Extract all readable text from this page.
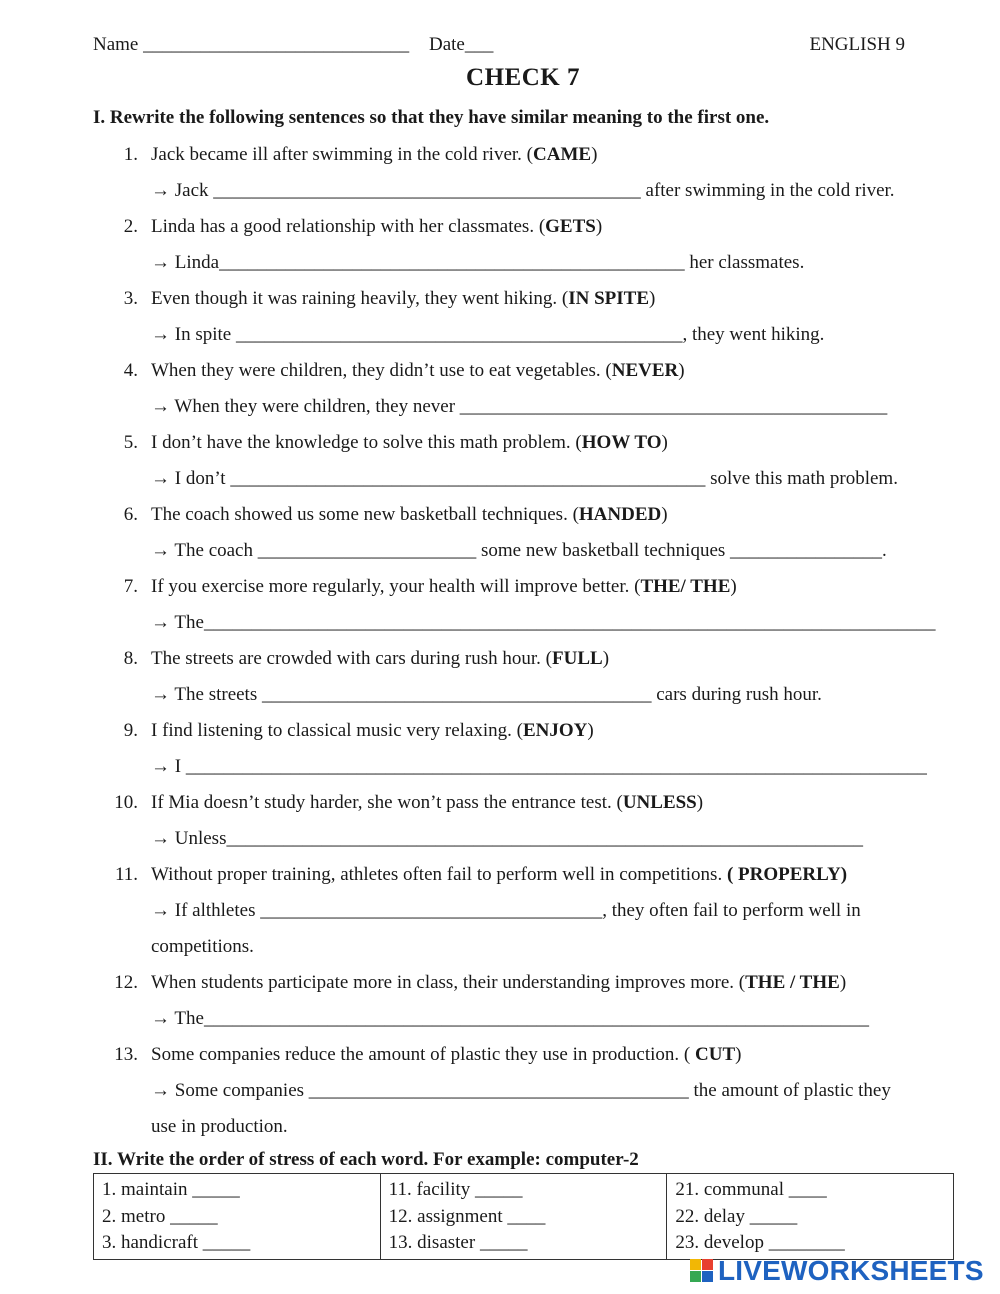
Name ____________________________ Date___	ENGLISH 9
CHECK 7
I. Rewrite the following sentences so that they have similar meaning to the first one.
1. Jack became ill after swimming in the cold river. (CAME)
→ Jack _____________________________________________ after swimming in the cold river.
2. Linda has a good relationship with her classmates. (GETS)
→ Linda_________________________________________________ her classmates.
3. Even though it was raining heavily, they went hiking. (IN SPITE)
→ In spite _______________________________________________, they went hiking.
4. When they were children, they didn’t use to eat vegetables. (NEVER)
→ When they were children, they never _____________________________________________
5. I don’t have the knowledge to solve this math problem. (HOW TO)
→ I don’t __________________________________________________ solve this math problem.
6. The coach showed us some new basketball techniques. (HANDED)
→ The coach _______________________ some new basketball techniques ________________.
7. If you exercise more regularly, your health will improve better. (THE/ THE)
→ The_____________________________________________________________________________
8. The streets are crowded with cars during rush hour. (FULL)
→ The streets _________________________________________ cars during rush hour.
9. I find listening to classical music very relaxing. (ENJOY)
→ I ______________________________________________________________________________
10. If Mia doesn’t study harder, she won’t pass the entrance test. (UNLESS)
→ Unless___________________________________________________________________
11. Without proper training, athletes often fail to perform well in competitions. ( PROPERLY)
→ If althletes ____________________________________, they often fail to perform well in
competitions.
12. When students participate more in class, their understanding improves more. (THE / THE)
→ The______________________________________________________________________
13. Some companies reduce the amount of plastic they use in production. ( CUT)
→ Some companies ________________________________________ the amount of plastic they
use in production.
II. Write the order of stress of each word. For example: computer-2
1. maintain _____
2. metro _____
3. handicraft _____

11. facility _____
12. assignment ____
13. disaster _____

21. communal ____
22. delay _____
23. develop ________
LIVEWORKSHEETS
